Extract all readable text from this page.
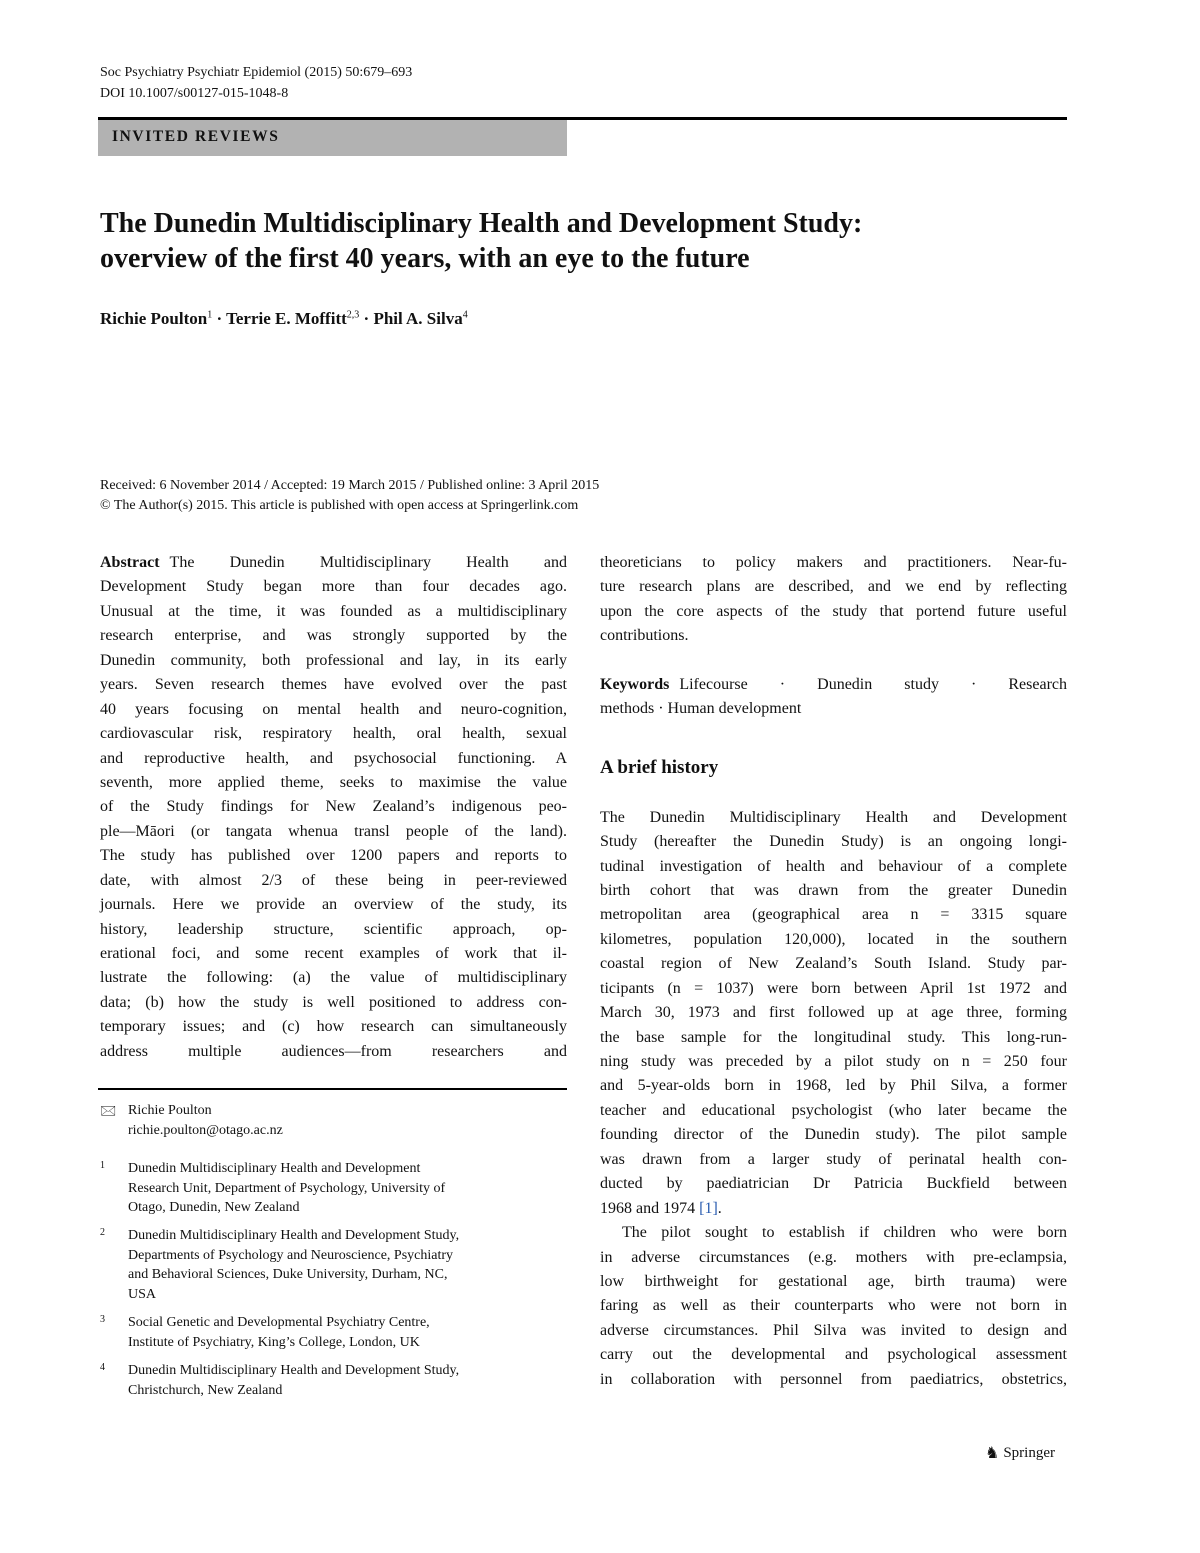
Soc Psychiatry Psychiatr Epidemiol (2015) 50:679–693
DOI 10.1007/s00127-015-1048-8
INVITED REVIEWS
The Dunedin Multidisciplinary Health and Development Study:
overview of the first 40 years, with an eye to the future
Richie Poulton$^1$ · Terrie E. Moffitt$^{2,3}$ · Phil A. Silva$^4$
Received: 6 November 2014 / Accepted: 19 March 2015 / Published online: 3 April 2015
© The Author(s) 2015. This article is published with open access at Springerlink.com
Abstract The Dunedin Multidisciplinary Health and
Development Study began more than four decades ago.
Unusual at the time, it was founded as a multidisciplinary
research enterprise, and was strongly supported by the
Dunedin community, both professional and lay, in its early
years. Seven research themes have evolved over the past
40 years focusing on mental health and neuro-cognition,
cardiovascular risk, respiratory health, oral health, sexual
and reproductive health, and psychosocial functioning. A
seventh, more applied theme, seeks to maximise the value
of the Study findings for New Zealand’s indigenous peo-
ple—Māori (or tangata whenua transl people of the land).
The study has published over 1200 papers and reports to
date, with almost 2/3 of these being in peer-reviewed
journals. Here we provide an overview of the study, its
history, leadership structure, scientific approach, op-
erational foci, and some recent examples of work that il-
lustrate the following: (a) the value of multidisciplinary
data; (b) how the study is well positioned to address con-
temporary issues; and (c) how research can simultaneously
address multiple audiences—from researchers and
🖂 Richie Poulton
richie.poulton@otago.ac.nz
1 Dunedin Multidisciplinary Health and Development
Research Unit, Department of Psychology, University of
Otago, Dunedin, New Zealand
2 Dunedin Multidisciplinary Health and Development Study,
Departments of Psychology and Neuroscience, Psychiatry
and Behavioral Sciences, Duke University, Durham, NC,
USA
3 Social Genetic and Developmental Psychiatry Centre,
Institute of Psychiatry, King’s College, London, UK
4 Dunedin Multidisciplinary Health and Development Study,
Christchurch, New Zealand
theoreticians to policy makers and practitioners. Near-fu-
ture research plans are described, and we end by reflecting
upon the core aspects of the study that portend future useful
contributions.
Keywords Lifecourse · Dunedin study · Research
methods · Human development
A brief history
The Dunedin Multidisciplinary Health and Development
Study (hereafter the Dunedin Study) is an ongoing longi-
tudinal investigation of health and behaviour of a complete
birth cohort that was drawn from the greater Dunedin
metropolitan area (geographical area n = 3315 square
kilometres, population 120,000), located in the southern
coastal region of New Zealand’s South Island. Study par-
ticipants (n = 1037) were born between April 1st 1972 and
March 30, 1973 and first followed up at age three, forming
the base sample for the longitudinal study. This long-run-
ning study was preceded by a pilot study on n = 250 four
and 5-year-olds born in 1968, led by Phil Silva, a former
teacher and educational psychologist (who later became the
founding director of the Dunedin study). The pilot sample
was drawn from a larger study of perinatal health con-
ducted by paediatrician Dr Patricia Buckfield between
1968 and 1974 [1].
The pilot sought to establish if children who were born
in adverse circumstances (e.g. mothers with pre-eclampsia,
low birthweight for gestational age, birth trauma) were
faring as well as their counterparts who were not born in
adverse circumstances. Phil Silva was invited to design and
carry out the developmental and psychological assessment
in collaboration with personnel from paediatrics, obstetrics,
♞ Springer
